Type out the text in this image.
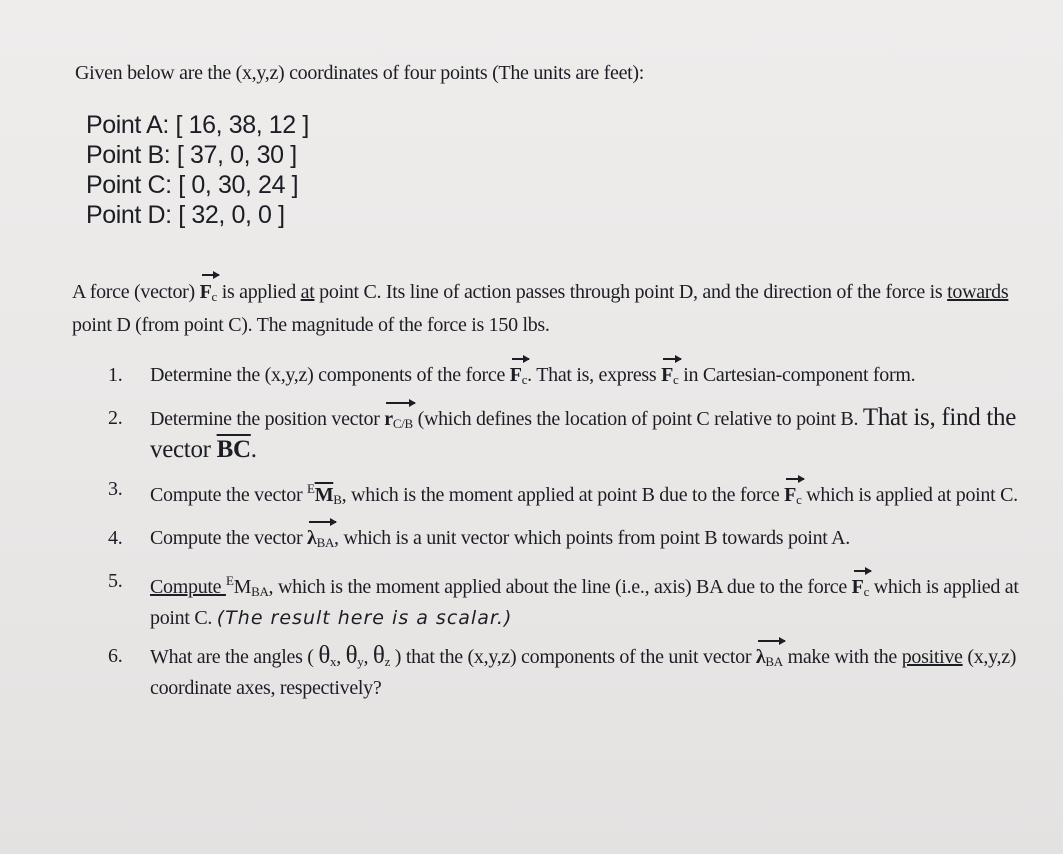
Given below are the (x,y,z) coordinates of four points (The units are feet):
Point A: [ 16, 38, 12 ]
Point B: [ 37, 0, 30 ]
Point C: [ 0, 30, 24 ]
Point D: [ 32, 0, 0 ]
A force (vector) $F_c$ is applied at point C. Its line of action passes through point D, and the direction of the force is towards point D (from point C). The magnitude of the force is 150 lbs.
1. Determine the (x,y,z) components of the force $F_c$. That is, express $F_c$ in Cartesian-component form.
2. Determine the position vector $r_{C/B}$ (which defines the location of point C relative to point B. That is, find the vector $\overline{BC}$.
3. Compute the vector $^E\overline{M}_B$, which is the moment applied at point B due to the force $F_c$ which is applied at point C.
4. Compute the vector $\lambda_{BA}$, which is a unit vector which points from point B towards point A.
5. Compute $^EM_{BA}$, which is the moment applied about the line (i.e., axis) BA due to the force $F_c$ which is applied at point C. (The result here is a scalar.)
6. What are the angles ( $\theta_x$, $\theta_y$, $\theta_z$ ) that the (x,y,z) components of the unit vector $\lambda_{BA}$ make with the positive (x,y,z) coordinate axes, respectively?
